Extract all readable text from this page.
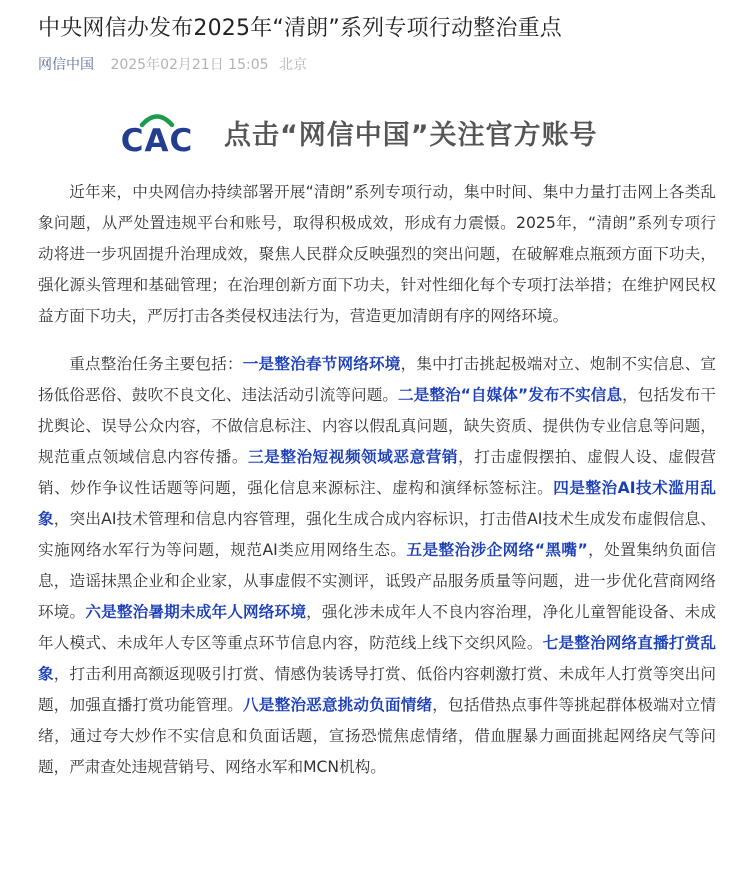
中央网信办发布2025年“清朗”系列专项行动整治重点
网信中国 2025年02月21日 15:05 北京
CAC 点击“网信中国”关注官方账号

近年来，中央网信办持续部署开展“清朗”系列专项行动，集中时间、集中力量打击网上各类乱象问题，从严处置违规平台和账号，取得积极成效，形成有力震慑。2025年，“清朗”系列专项行动将进一步巩固提升治理成效，聚焦人民群众反映强烈的突出问题，在破解难点瓶颈方面下功夫，强化源头管理和基础管理；在治理创新方面下功夫，针对性细化每个专项打法举措；在维护网民权益方面下功夫，严厉打击各类侵权违法行为，营造更加清朗有序的网络环境。

重点整治任务主要包括：一是整治春节网络环境，集中打击挑起极端对立、炮制不实信息、宣扬低俗恶俗、鼓吹不良文化、违法活动引流等问题。二是整治“自媒体”发布不实信息，包括发布干扰舆论、误导公众内容，不做信息标注、内容以假乱真问题，缺失资质、提供伪专业信息等问题，规范重点领域信息内容传播。三是整治短视频领域恶意营销，打击虚假摆拍、虚假人设、虚假营销、炒作争议性话题等问题，强化信息来源标注、虚构和演绎标签标注。四是整治AI技术滥用乱象，突出AI技术管理和信息内容管理，强化生成合成内容标识，打击借AI技术生成发布虚假信息、实施网络水军行为等问题，规范AI类应用网络生态。五是整治涉企网络“黑嘴”，处置集纳负面信息，造谣抹黑企业和企业家，从事虚假不实测评，诋毁产品服务质量等问题，进一步优化营商网络环境。六是整治暑期未成年人网络环境，强化涉未成年人不良内容治理，净化儿童智能设备、未成年人模式、未成年人专区等重点环节信息内容，防范线上线下交织风险。七是整治网络直播打赏乱象，打击利用高额返现吸引打赏、情感伪装诱导打赏、低俗内容刺激打赏、未成年人打赏等突出问题，加强直播打赏功能管理。八是整治恶意挑动负面情绪，包括借热点事件等挑起群体极端对立情绪，通过夸大炒作不实信息和负面话题，宣扬恐慌焦虑情绪，借血腥暴力画面挑起网络戾气等问题，严肃查处违规营销号、网络水军和MCN机构。
